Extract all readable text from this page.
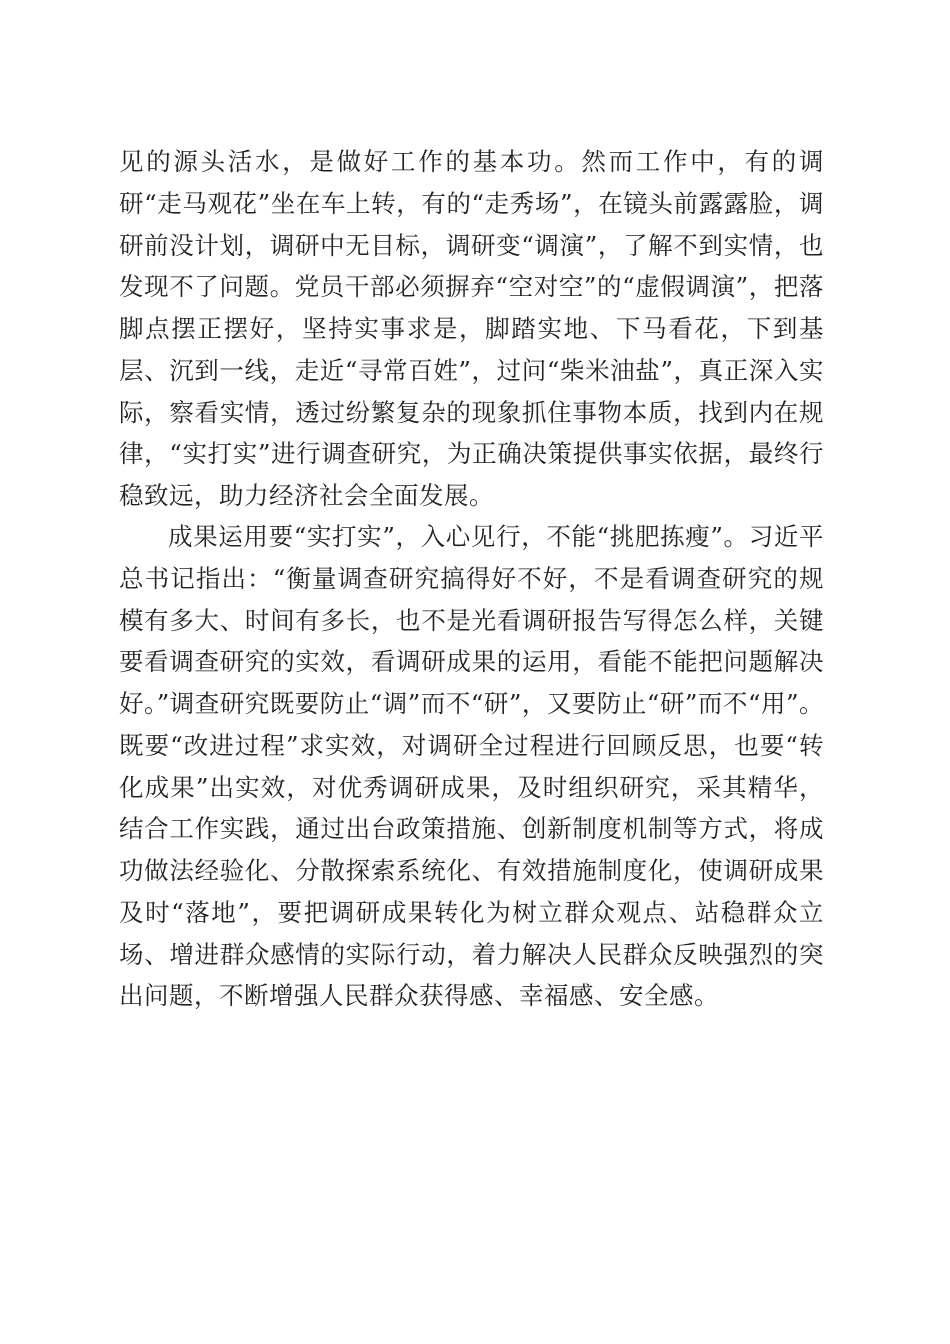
见的源头活水，是做好工作的基本功。然而工作中，有的调研“走马观花”坐在车上转，有的“走秀场”，在镜头前露露脸，调研前没计划，调研中无目标，调研变“调演”，了解不到实情，也发现不了问题。党员干部必须摒弃“空对空”的“虚假调演”，把落脚点摆正摆好，坚持实事求是，脚踏实地、下马看花，下到基层、沉到一线，走近“寻常百姓”，过问“柴米油盐”，真正深入实际，察看实情，透过纷繁复杂的现象抓住事物本质，找到内在规律，“实打实”进行调查研究，为正确决策提供事实依据，最终行稳致远，助力经济社会全面发展。

成果运用要“实打实”，入心见行，不能“挑肥拣瘦”。习近平总书记指出：“衡量调查研究搞得好不好，不是看调查研究的规模有多大、时间有多长，也不是光看调研报告写得怎么样，关键要看调查研究的实效，看调研成果的运用，看能不能把问题解决好。”调查研究既要防止“调”而不“研”，又要防止“研”而不“用”。既要“改进过程”求实效，对调研全过程进行回顾反思，也要“转化成果”出实效，对优秀调研成果，及时组织研究，采其精华，结合工作实践，通过出台政策措施、创新制度机制等方式，将成功做法经验化、分散探索系统化、有效措施制度化，使调研成果及时“落地”，要把调研成果转化为树立群众观点、站稳群众立场、增进群众感情的实际行动，着力解决人民群众反映强烈的突出问题，不断增强人民群众获得感、幸福感、安全感。
